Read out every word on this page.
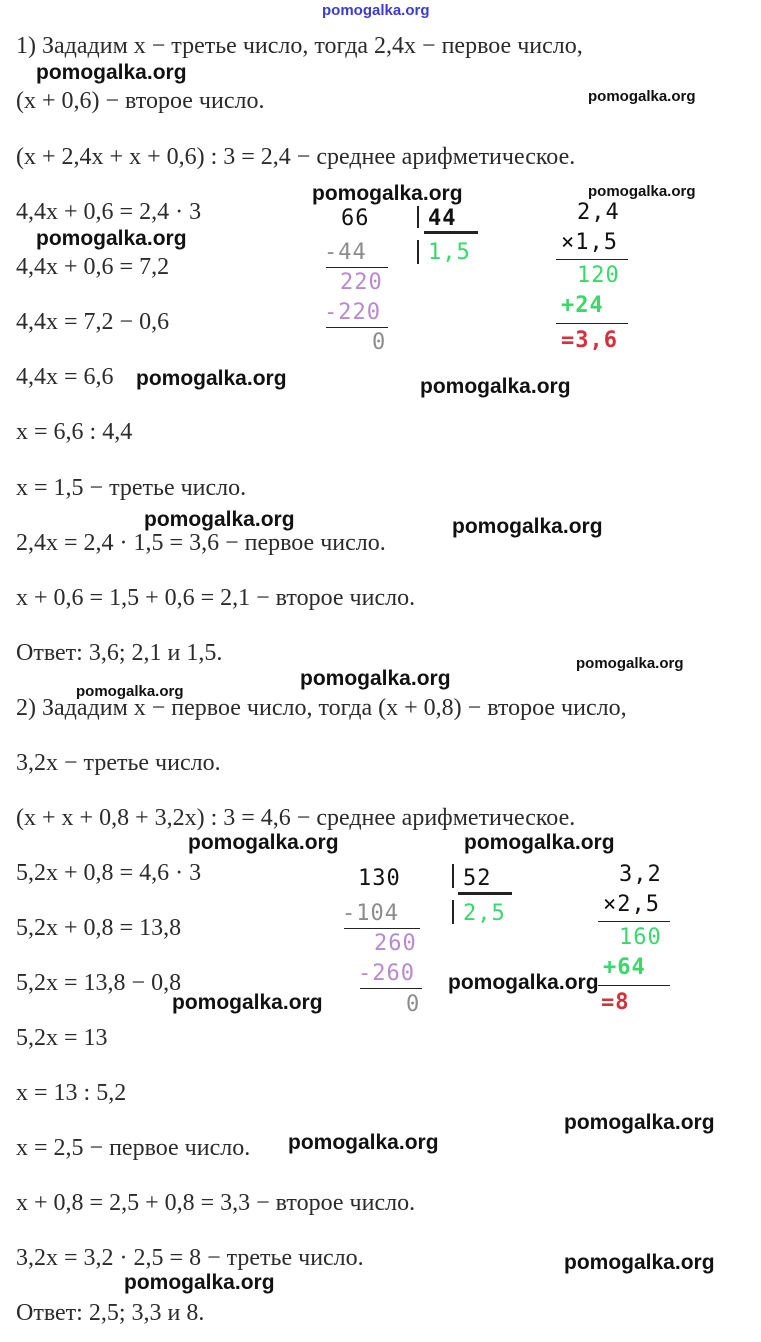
pomogalka.org
1) Зададим x − третье число, тогда 2,4x − первое число,
(x + 0,6) − второе число.
(x + 2,4x + x + 0,6) : 3 = 2,4 − среднее арифметическое.
4,4x + 0,6 = 2,4 · 3
4,4x + 0,6 = 7,2
4,4x = 7,2 − 0,6
4,4x = 6,6
x = 6,6 : 4,4
x = 1,5 − третье число.
2,4x = 2,4 · 1,5 = 3,6 − первое число.
x + 0,6 = 1,5 + 0,6 = 2,1 − второе число.
Ответ: 3,6; 2,1 и 1,5.
66	44
1,5
-44
220
-220
0
2,4
×1,5
120
+24
=3,6
2) Зададим x − первое число, тогда (x + 0,8) − второе число,
3,2x − третье число.
(x + x + 0,8 + 3,2x) : 3 = 4,6 − среднее арифметическое.
5,2x + 0,8 = 4,6 · 3
5,2x + 0,8 = 13,8
5,2x = 13,8 − 0,8
5,2x = 13
x = 13 : 5,2
x = 2,5 − первое число.
x + 0,8 = 2,5 + 0,8 = 3,3 − второе число.
3,2x = 3,2 · 2,5 = 8 − третье число.
Ответ: 2,5; 3,3 и 8.
130	52
2,5
-104
260
-260
0
3,2
×2,5
160
+64
=8
pomogalka.org
pomogalka.org
pomogalka.org	pomogalka.org
pomogalka.org
pomogalka.org	pomogalka.org
pomogalka.org	pomogalka.org
pomogalka.org
pomogalka.org
pomogalka.org
pomogalka.org	pomogalka.org
pomogalka.org
pomogalka.org
pomogalka.org
pomogalka.org
pomogalka.org
pomogalka.org
